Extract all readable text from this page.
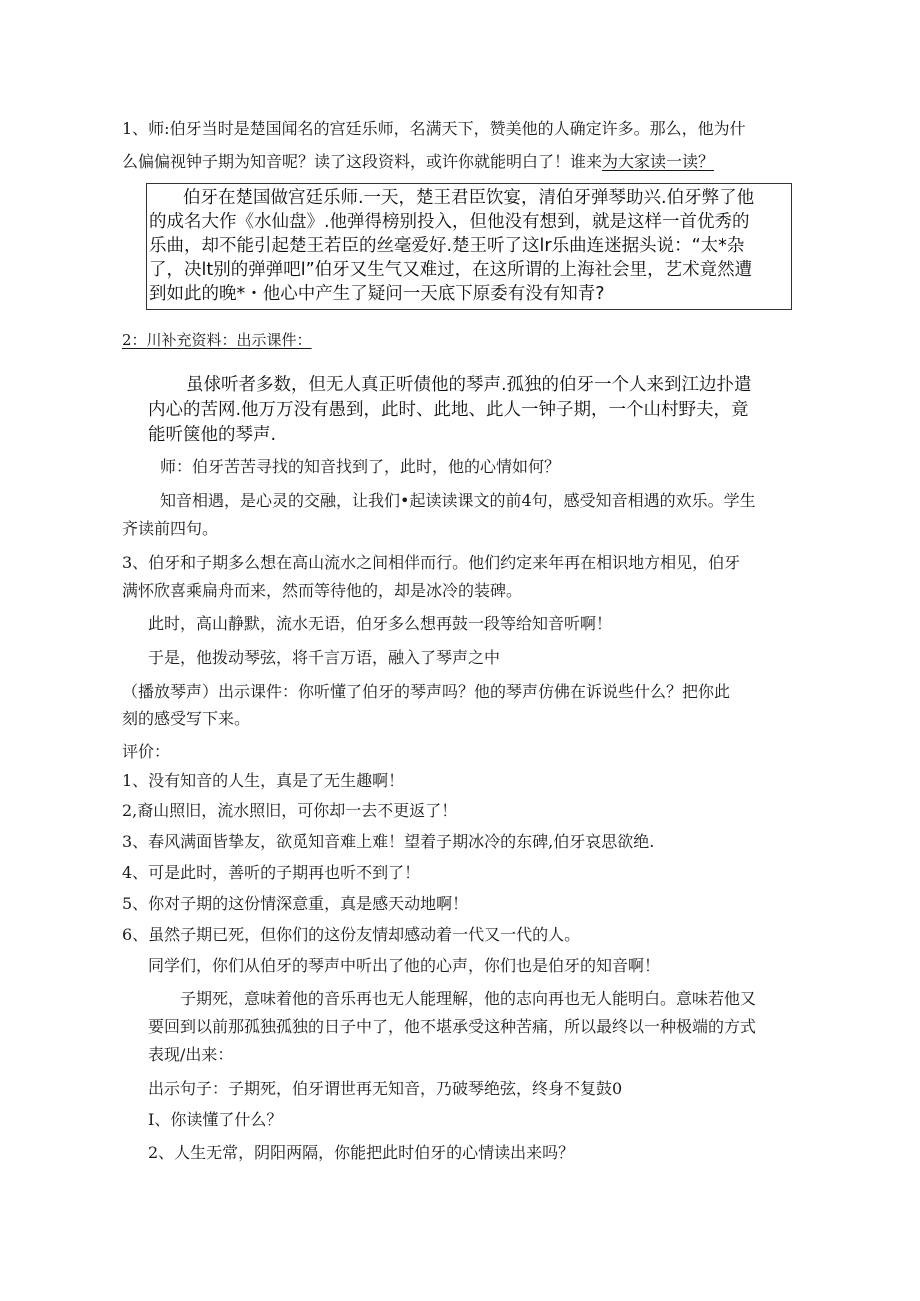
1、师:伯牙当时是楚国闻名的宫廷乐师，名满天下，赞美他的人确定许多。那么，他为什
么偏偏视钟子期为知音呢？读了这段资料，或许你就能明白了！谁来为大家读一读？
伯牙在楚国做宫廷乐师.一天，楚王君臣饮宴，清伯牙弹琴助兴.伯牙弊了他
的成名大作《水仙盘》.他弹得榜别投入，但他没有想到，就是这样一首优秀的
乐曲，却不能引起楚王若臣的丝毫爱好.楚王听了这lr乐曲连迷据头说：“太*杂
了，决lt别的弹弹吧l”伯牙又生气又难过，在这所谓的上海社会里，艺术竟然遭
到如此的晚*・他心中产生了疑问一天底下原委有没有知青?
2：川补充资料：出示课件：
虽俅听者多数，但无人真正听债他的琴声.孤独的伯牙一个人来到江边扑遣
内心的苦网.他万万没有愚到，此时、此地、此人一钟子期，一个山村野夫，竟
能听箧他的琴声.
师：伯牙苦苦寻找的知音找到了，此时，他的心情如何？
知音相遇，是心灵的交融，让我们•起读读课文的前4句，感受知音相遇的欢乐。学生
齐读前四句。
3、伯牙和子期多么想在高山流水之间相伴而行。他们约定来年再在相识地方相见，伯牙
满怀欣喜乘扁舟而来，然而等待他的，却是冰冷的装碑。
此时，高山静默，流水无语，伯牙多么想再鼓一段等给知音听啊！
于是，他拨动琴弦，将千言万语，融入了琴声之中
（播放琴声）出示课件：你听懂了伯牙的琴声吗？他的琴声仿佛在诉说些什么？把你此
刻的感受写下来。
评价：
1、没有知音的人生，真是了无生趣啊！
2,裔山照旧，流水照旧，可你却一去不更返了！
3、春风满面皆挚友，欲觅知音难上难！望着子期冰冷的东碑,伯牙哀思欲绝.
4、可是此时，善听的子期再也听不到了！
5、你对子期的这份情深意重，真是感天动地啊！
6、虽然子期已死，但你们的这份友情却感动着一代又一代的人。
同学们，你们从伯牙的琴声中听出了他的心声，你们也是伯牙的知音啊！
子期死，意味着他的音乐再也无人能理解，他的志向再也无人能明白。意味若他又
要回到以前那孤独孤独的日子中了，他不堪承受这种苦痛，所以最终以一种极端的方式
表现/出来：
出示句子：子期死，伯牙谓世再无知音，乃破琴绝弦，终身不复鼓0
I、你读懂了什么？
2、人生无常，阴阳两隔，你能把此时伯牙的心情读出来吗？
